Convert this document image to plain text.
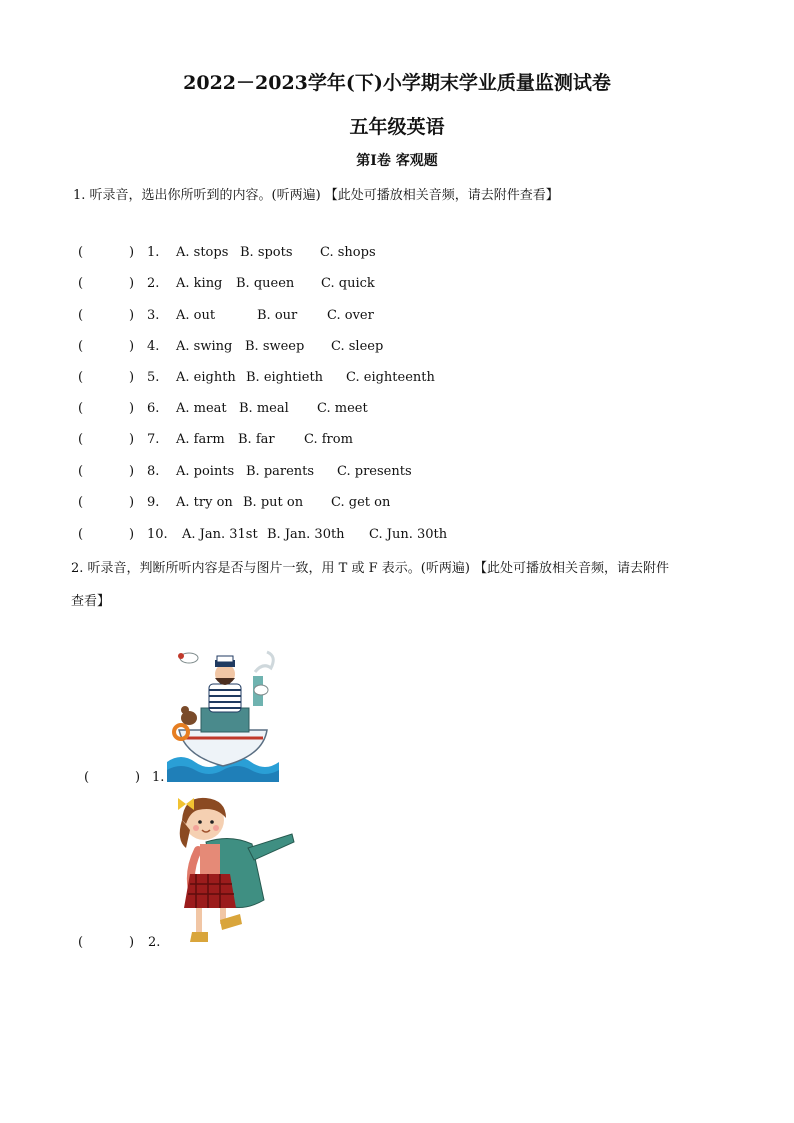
2022－2023学年(下)小学期末学业质量监测试卷
五年级英语
第Ⅰ卷 客观题
1. 听录音，选出你所听到的内容。(听两遍) 【此处可播放相关音频，请去附件查看】
(	) 1. A. stops B. spots C. shops
(	) 2. A. king B. queen C. quick
(	) 3. A. out	B. our C. over
(	) 4. A. swing B. sweep C. sleep
(	) 5. A. eighth B. eightieth C. eighteenth
(	) 6. A. meat B. meal C. meet
(	) 7. A. farm B. far C. from
(	) 8. A. points B. parents C. presents
(	) 9. A. try on B. put on C. get on
(	) 10. A. Jan. 31st B. Jan. 30th C. Jun. 30th
2. 听录音，判断所听内容是否与图片一致，用 T 或 F 表示。(听两遍) 【此处可播放相关音频，请去附件
查看】
(	) 1.
(	) 2.
